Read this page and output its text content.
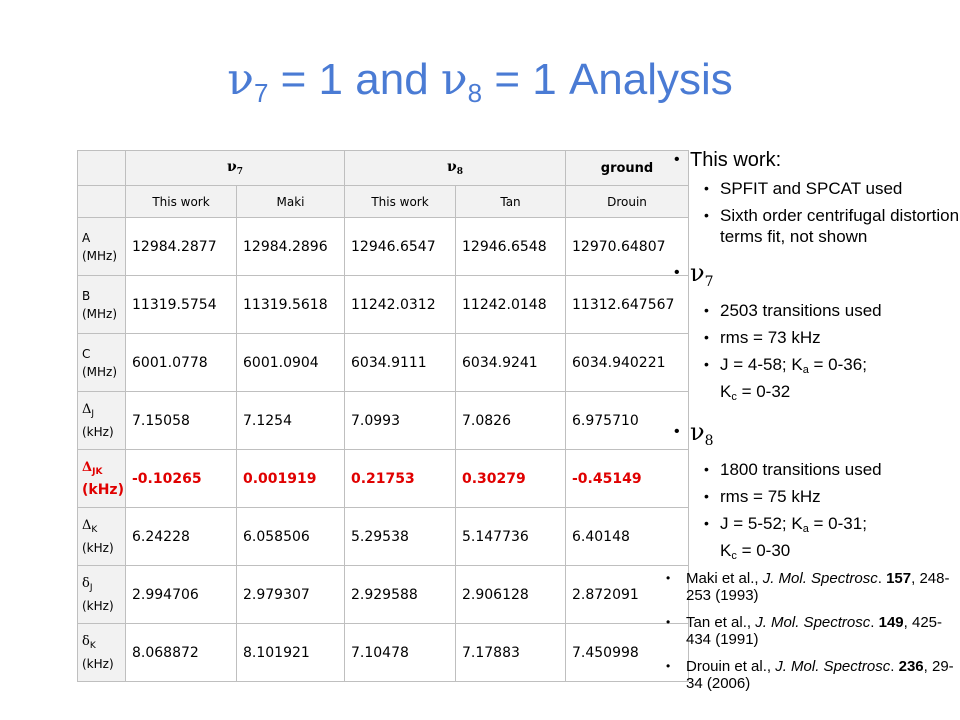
$\nu_7 = 1$ and $\nu_8 = 1$ Analysis
	$\nu_7$		$\nu_8$		ground
	This work	Maki	This work	Tan	Drouin

A
(MHz)	12984.2877	12984.2896	12946.6547	12946.6548	12970.64807

B
(MHz)	11319.5754	11319.5618	11242.0312	11242.0148	11312.647567

C
(MHz)	6001.0778	6001.0904	6034.9111	6034.9241	6034.940221

$\Delta_J$
(kHz)	7.15058	7.1254	7.0993	7.0826	6.975710

$\Delta_{JK}$
(kHz)	-0.10265	0.001919	0.21753	0.30279	-0.45149

$\Delta_K$
(kHz)	6.24228	6.058506	5.29538	5.147736	6.40148

$\delta_J$
(kHz)	2.994706	2.979307	2.929588	2.906128	2.872091

$\delta_K$
(kHz)	8.068872	8.101921	7.10478	7.17883	7.450998
• This work:
• SPFIT and SPCAT used
• Sixth order centrifugal distortion terms fit, not shown
• $\nu_7$
• 2503 transitions used
• rms = 73 kHz
• J = 4-58; Ka = 0-36;
Kc = 0-32
• $\nu_8$
• 1800 transitions used
• rms = 75 kHz
• J = 5-52; Ka = 0-31;
Kc = 0-30
• Maki et al., J. Mol. Spectrosc. 157, 248-253 (1993)
• Tan et al., J. Mol. Spectrosc. 149, 425-434 (1991)
• Drouin et al., J. Mol. Spectrosc. 236, 29-34 (2006)
